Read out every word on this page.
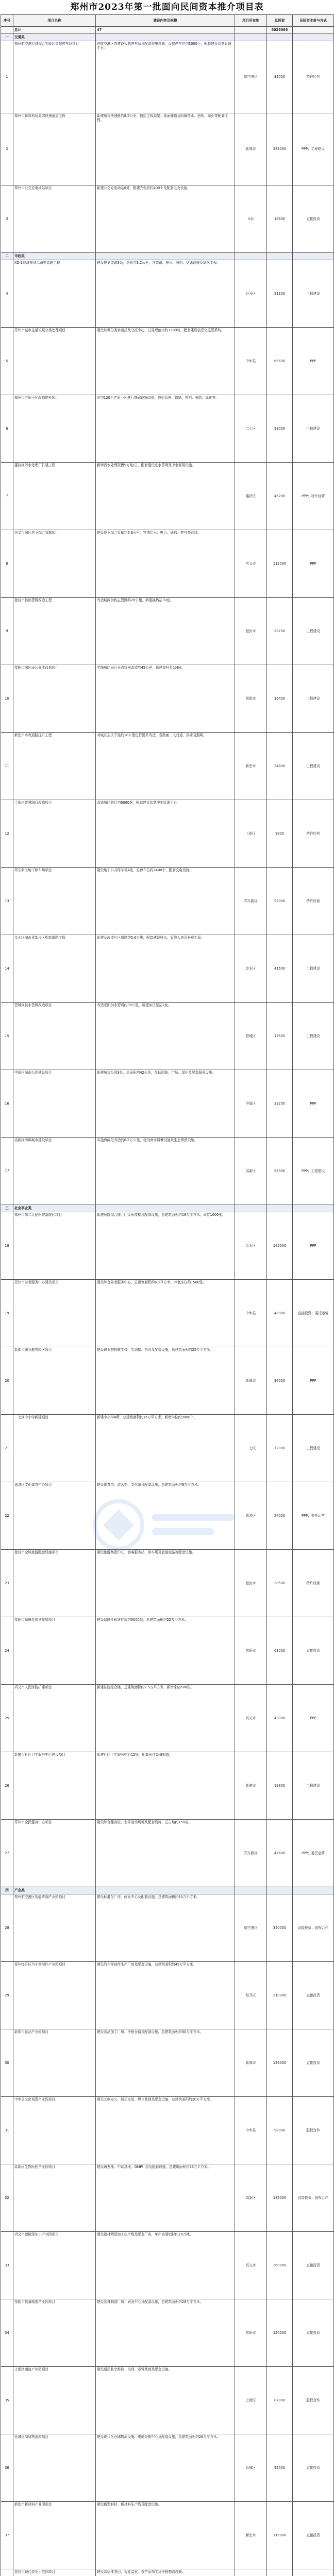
郑州市2023年第一批面向民间资本推介项目表
序号	项目名称	建设内容及规模	项目所在地	总投资	民间资本参与方式
	总计	47		5025093	
一	交通类				
1	郑州航空港经济综合实验区智慧停车场项目	在航空港区内建设智慧停车场及配套充电设施，设置停车位约3000个，配套建设智慧管理平台。	航空港区	32000	特许经营
2	郑州市新郑机场北部快速通道工程	新建城市快速路约8.5公里，包括主线高架、地面辅道及附属排水、照明、绿化等配套工程。	新郑市	286000	PPP；工程建设
3	郑州市公交充电场站项目	新建公交充电场站8处，配建充电桩约400个及配套电力设施。	市区	15600	直接投资
二	市政类				
4	KD-1地块规划二路等道路工程	建设规划道路3条，总长约3.2公里，含道路、排水、照明、交通设施及绿化工程。	经开区	21300	工程建设
5	郑州市城市生活垃圾分类处理项目	建设垃圾分类转运站及分拣中心，日处理能力约1200吨，配套建设信息化监管系统。	中牟县	68500	PPP
6	郑州市老旧小区改造提升项目	对约120个老旧小区进行基础设施改造，包括管网、道路、照明、安防、绿化等。	二七区	93000	工程建设
7	惠济区污水处理厂扩建工程	新增污水处理规模5万吨/日，配套建设进水管网及中水回用设施。	惠济区	45200	PPP；特许经营
8	巩义市城区地下综合管廊项目	建设地下综合管廊约6.8公里，容纳给水、电力、通信、燃气等管线。	巩义市	112000	PPP
9	登封市供热管网改造工程	改造城区供热主管网约26公里，新建换热站30座。	登封市	28700	工程建设
10	荥阳市城区雨污分流改造项目	实施城区雨污分流管网改造约45公里，新建提升泵站4座。	荥阳市	36400	工程建设
11	新密市市政道路提升工程	对城区主次干道约18公里进行提升改造，含路面、人行道、排水及照明。	新密市	24800	工程建设
12	上街区智慧路灯改造项目	改造城区路灯约6000盏，配套建设智慧照明管理平台。	上街区	9800	特许经营
13	郑东新区地下停车场项目	建设地下公共停车场4处，总停车位约2400个，配套充电设施。	郑东新区	52000	特许经营
14	金水区城市更新片区配套道路工程	新建及改造片区道路约5.6公里，配套建设排水、管线入地及景观工程。	金水区	41500	工程建设
15	管城区供水管网改造项目	改造老旧供水管网约38公里，新建加压泵站2座。	管城区	17600	工程建设
16	中原区城市公园建设项目	新建城市公园3处，总面积约42公顷，包括园路、广场、绿化及配套服务设施。	中原区	33200	PPP
17	高新区海绵城市建设项目	实施海绵化改造约8平方公里，建设雨水调蓄设施及生态滞留设施。	高新区	58300	PPP；工程建设
三	社会事业类				
18	郑州市第二人民医院新院区项目	新建医院综合楼、门诊医技楼及配套设施，总建筑面积约18万平方米，床位1000张。	金水区	165000	PPP
19	郑州市养老服务中心建设项目	建设综合养老服务中心，总建筑面积约6万平方米，养老床位约1500张。	中牟县	48000	直接投资；委托运营
20	新郑市职业教育园区项目	建设职业院校教学楼、实训楼、宿舍及配套设施，总建筑面积约25万平方米。	新郑市	96000	PPP
21	二七区中小学新建项目	新建中小学4所，总建筑面积约16万平方米，新增学位约9000个。	二七区	72000	工程建设
22	惠济区文化体育中心项目	建设体育馆、游泳馆、文化馆及配套设施，总建筑面积约9万平方米。	惠济区	54000	PPP；委托运营
23	登封市全域旅游配套设施项目	建设旅游集散中心、游客服务站、停车场及旅游道路等配套设施。	登封市	38500	特许经营
24	荥阳市保障性租赁住房项目	建设保障性租赁住房约3000套，总建筑面积约22万平方米。	荥阳市	61000	直接投资
25	巩义市人民医院扩建项目	新建住院综合楼，总建筑面积约7.5万平方米，新增床位600张。	巩义市	43000	PPP
26	新密市社区卫生服务中心建设项目	新建社区卫生服务中心12处，配套医疗设备购置。	新密市	19800	工程建设
27	郑州市全民健身中心项目	建设综合健身馆、室外运动场地及配套设施，总占地约150亩。	郑东新区	47600	PPP；委托运营
四	产业类				
28	郑州航空港区智能终端产业园项目	建设标准化厂房、研发中心及配套设施，总建筑面积约60万平方米。	航空港区	320000	直接投资；股权合作
29	郑州经开区汽车零部件产业园项目	建设汽车零部件生产厂房及配套设施，总建筑面积约45万平方米。	经开区	210000	直接投资
30	新郑市食品产业园项目	建设食品加工厂房、冷链仓储及配套设施，总建筑面积约30万平方米。	新郑市	136000	直接投资
31	中牟县文化创意产业园项目	建设文创办公、展示交易、孵化基地及配套设施，总建筑面积约20万平方米。	中牟县	98000	股权合作
32	高新区生物医药产业园项目	建设研发楼、中试基地、GMP厂房及配套设施，总建筑面积约35万平方米。	高新区	185000	直接投资；股权合作
33	巩义市铝精深加工产业园项目	建设铝材精深加工生产线及配套厂房，年产高端铝材约20万吨。	巩义市	260000	直接投资
34	荥阳市装备制造产业园项目	建设装备制造厂房、研发中心及配套设施，总建筑面积约28万平方米。	荥阳市	124000	直接投资
35	上街区通航产业园项目	建设通用航空维修、培训、运营基地及配套设施。	上街区	87000	股权合作
36	管城区商贸物流园项目	建设现代化仓储物流设施、电商分拨中心及配套设施，总建筑面积约26万平方米。	管城区	92000	直接投资
37	新密市新材料产业园项目	建设新型耐材、新材料生产线及配套设施。	新密市	115000	直接投资
	登封市现代农业示范园项目	建设高标准农田、智能温室、农产品加工及冷链物流设施。			
